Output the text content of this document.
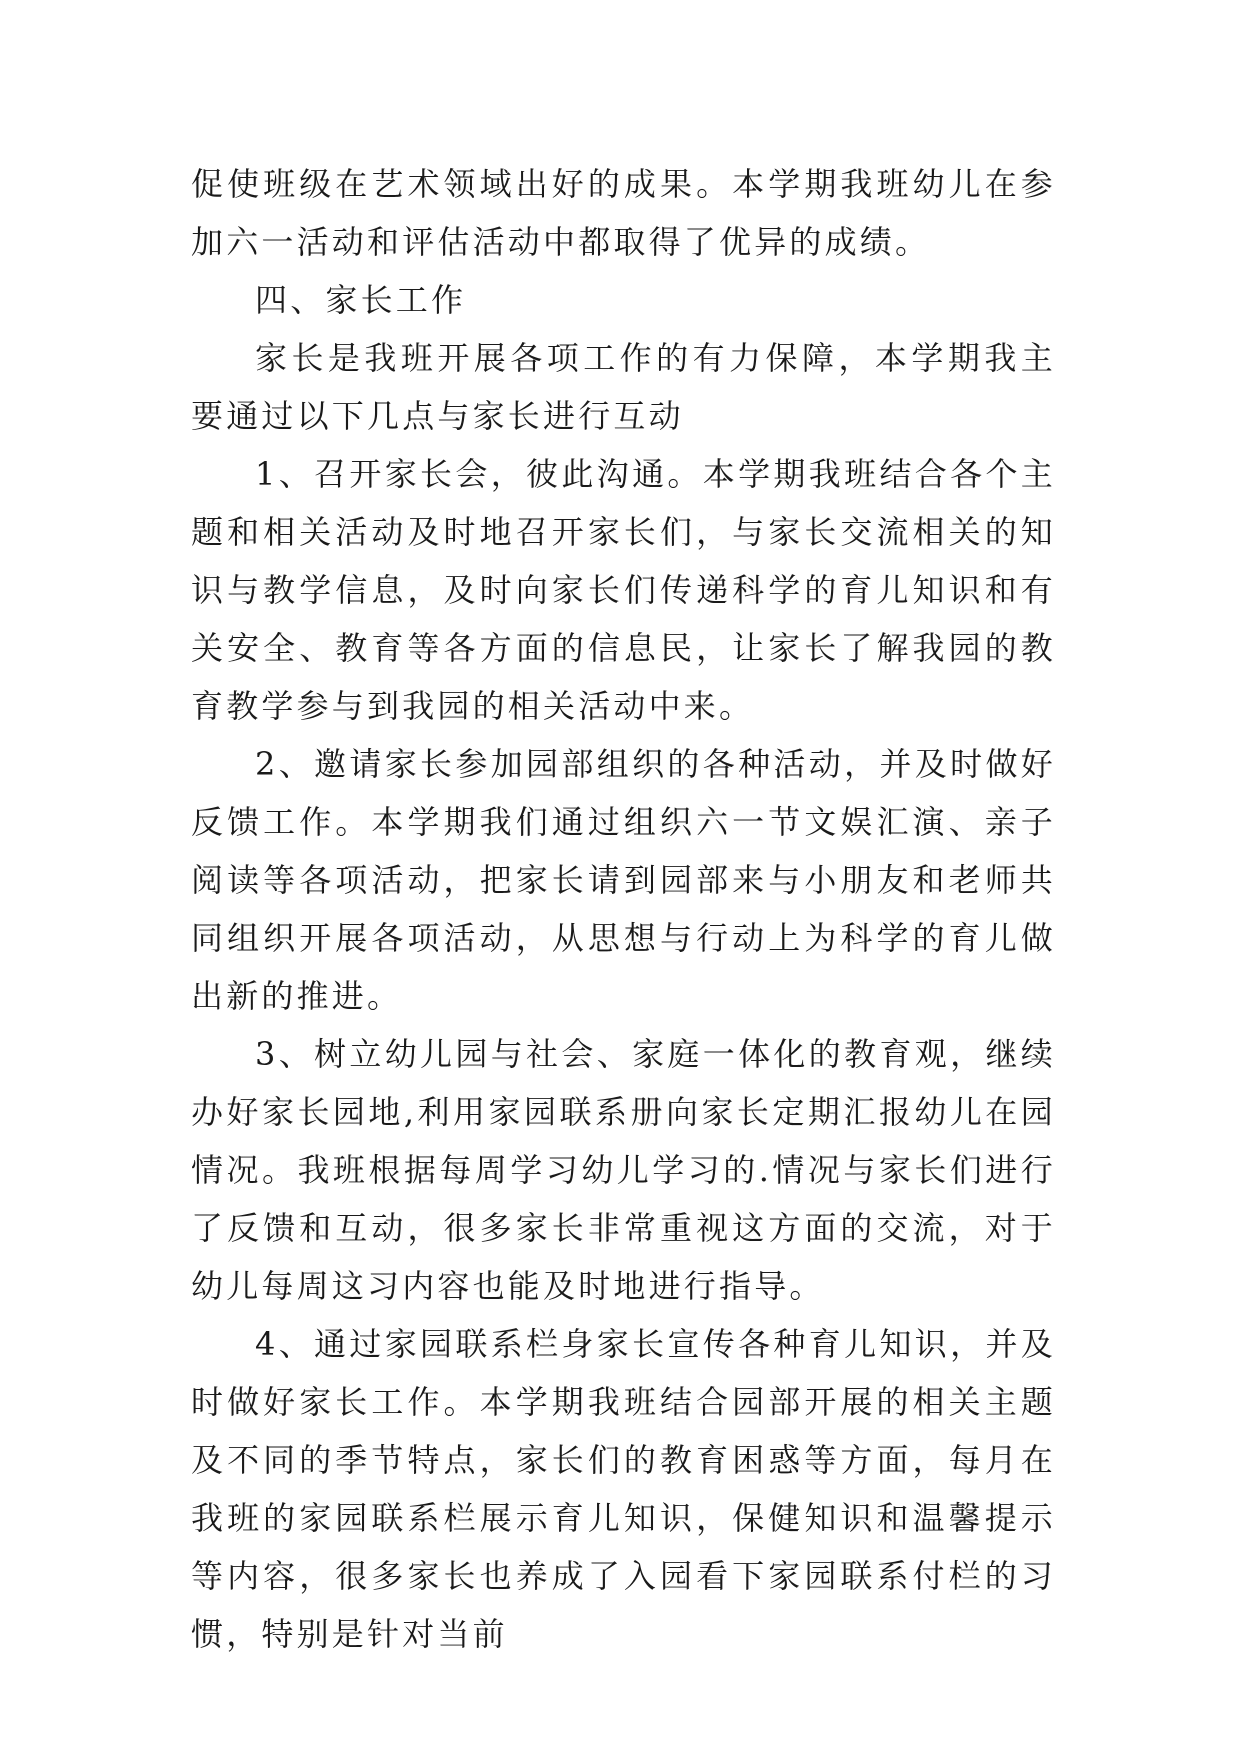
促使班级在艺术领域出好的成果。本学期我班幼儿在参加六一活动和评估活动中都取得了优异的成绩。

四、家长工作

家长是我班开展各项工作的有力保障，本学期我主要通过以下几点与家长进行互动

1、召开家长会，彼此沟通。本学期我班结合各个主题和相关活动及时地召开家长们，与家长交流相关的知识与教学信息，及时向家长们传递科学的育儿知识和有关安全、教育等各方面的信息民，让家长了解我园的教育教学参与到我园的相关活动中来。

2、邀请家长参加园部组织的各种活动，并及时做好反馈工作。本学期我们通过组织六一节文娱汇演、亲子阅读等各项活动，把家长请到园部来与小朋友和老师共同组织开展各项活动，从思想与行动上为科学的育儿做出新的推进。

3、树立幼儿园与社会、家庭一体化的教育观，继续办好家长园地,利用家园联系册向家长定期汇报幼儿在园情况。我班根据每周学习幼儿学习的.情况与家长们进行了反馈和互动，很多家长非常重视这方面的交流，对于幼儿每周这习内容也能及时地进行指导。

4、通过家园联系栏身家长宣传各种育儿知识，并及时做好家长工作。本学期我班结合园部开展的相关主题及不同的季节特点，家长们的教育困惑等方面，每月在我班的家园联系栏展示育儿知识，保健知识和温馨提示等内容，很多家长也养成了入园看下家园联系付栏的习惯，特别是针对当前
